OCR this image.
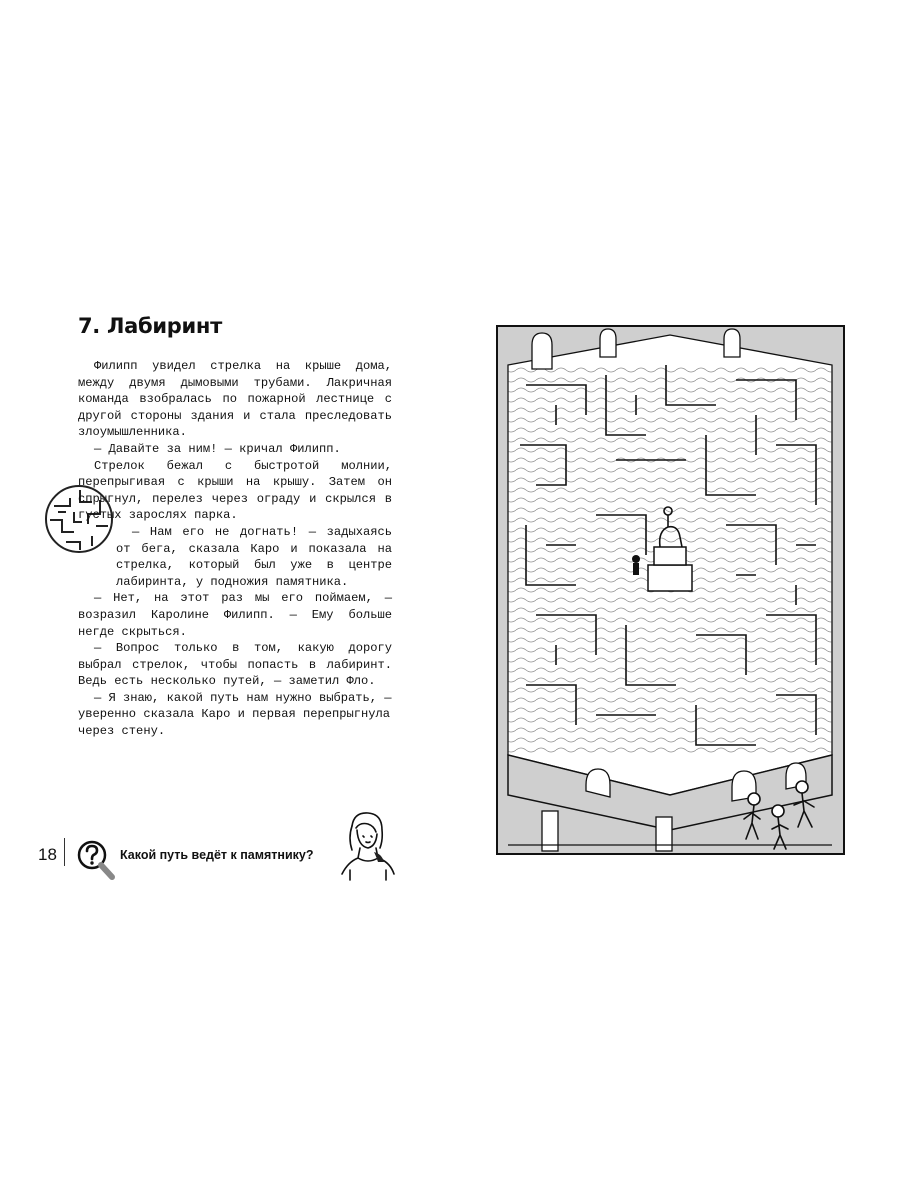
7. Лабиринт

Филипп увидел стрелка на крыше дома, между двумя дымовыми трубами. Лакричная команда взобралась по пожарной лестнице с другой стороны здания и стала преследовать злоумышленника.

— Давайте за ним! — кричал Филипп.

Стрелок бежал с быстротой молнии, перепрыгивая с крыши на крышу. Затем он спрыгнул, перелез через ограду и скрылся в густых зарослях парка.

— Нам его не догнать! — задыхаясь от бега, сказала Каро и показала на стрелка, который был уже в центре лабиринта, у подножия памятника.

— Нет, на этот раз мы его поймаем, — возразил Каролине Филипп. — Ему больше негде скрыться.

— Вопрос только в том, какую дорогу выбрал стрелок, чтобы попасть в лабиринт. Ведь есть несколько путей, — заметил Фло.

— Я знаю, какой путь нам нужно выбрать, — уверенно сказала Каро и первая перепрыгнула через стену.

18	Какой путь ведёт к памятнику?
